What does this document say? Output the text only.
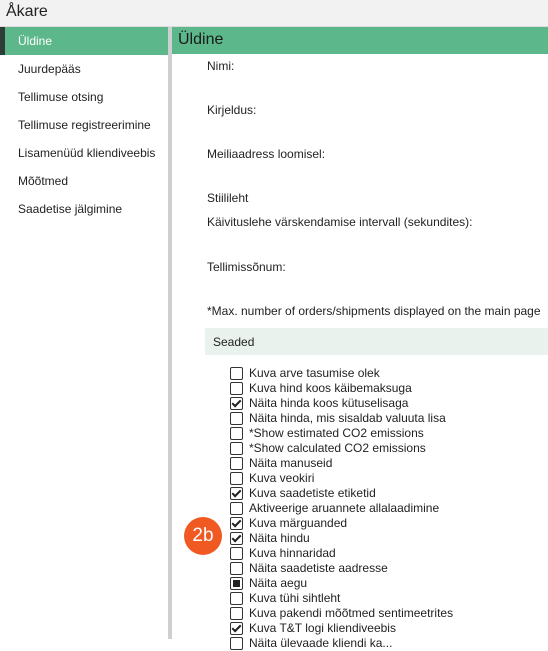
Åkare
Üldine
Juurdepääs
Tellimuse otsing
Tellimuse registreerimine
Lisamenüüd kliendiveebis
Mõõtmed
Saadetise jälgimine
Üldine
Nimi:
Kirjeldus:
Meiliaadress loomisel:
Stiilileht
Käivituslehe värskendamise intervall (sekundites):
Tellimissõnum:
*Max. number of orders/shipments displayed on the main page
Seaded
Kuva arve tasumise olek
Kuva hind koos käibemaksuga
Näita hinda koos kütuselisaga
Näita hinda, mis sisaldab valuuta lisa
*Show estimated CO2 emissions
*Show calculated CO2 emissions
Näita manuseid
Kuva veokiri
Kuva saadetiste etiketid
Aktiveerige aruannete allalaadimine
Kuva märguanded
Näita hindu
Kuva hinnaridad
Näita saadetiste aadresse
Näita aegu
Kuva tühi sihtleht
Kuva pakendi mõõtmed sentimeetrites
Kuva T&T logi kliendiveebis
Näita ülevaade kliendi ka...
2b
